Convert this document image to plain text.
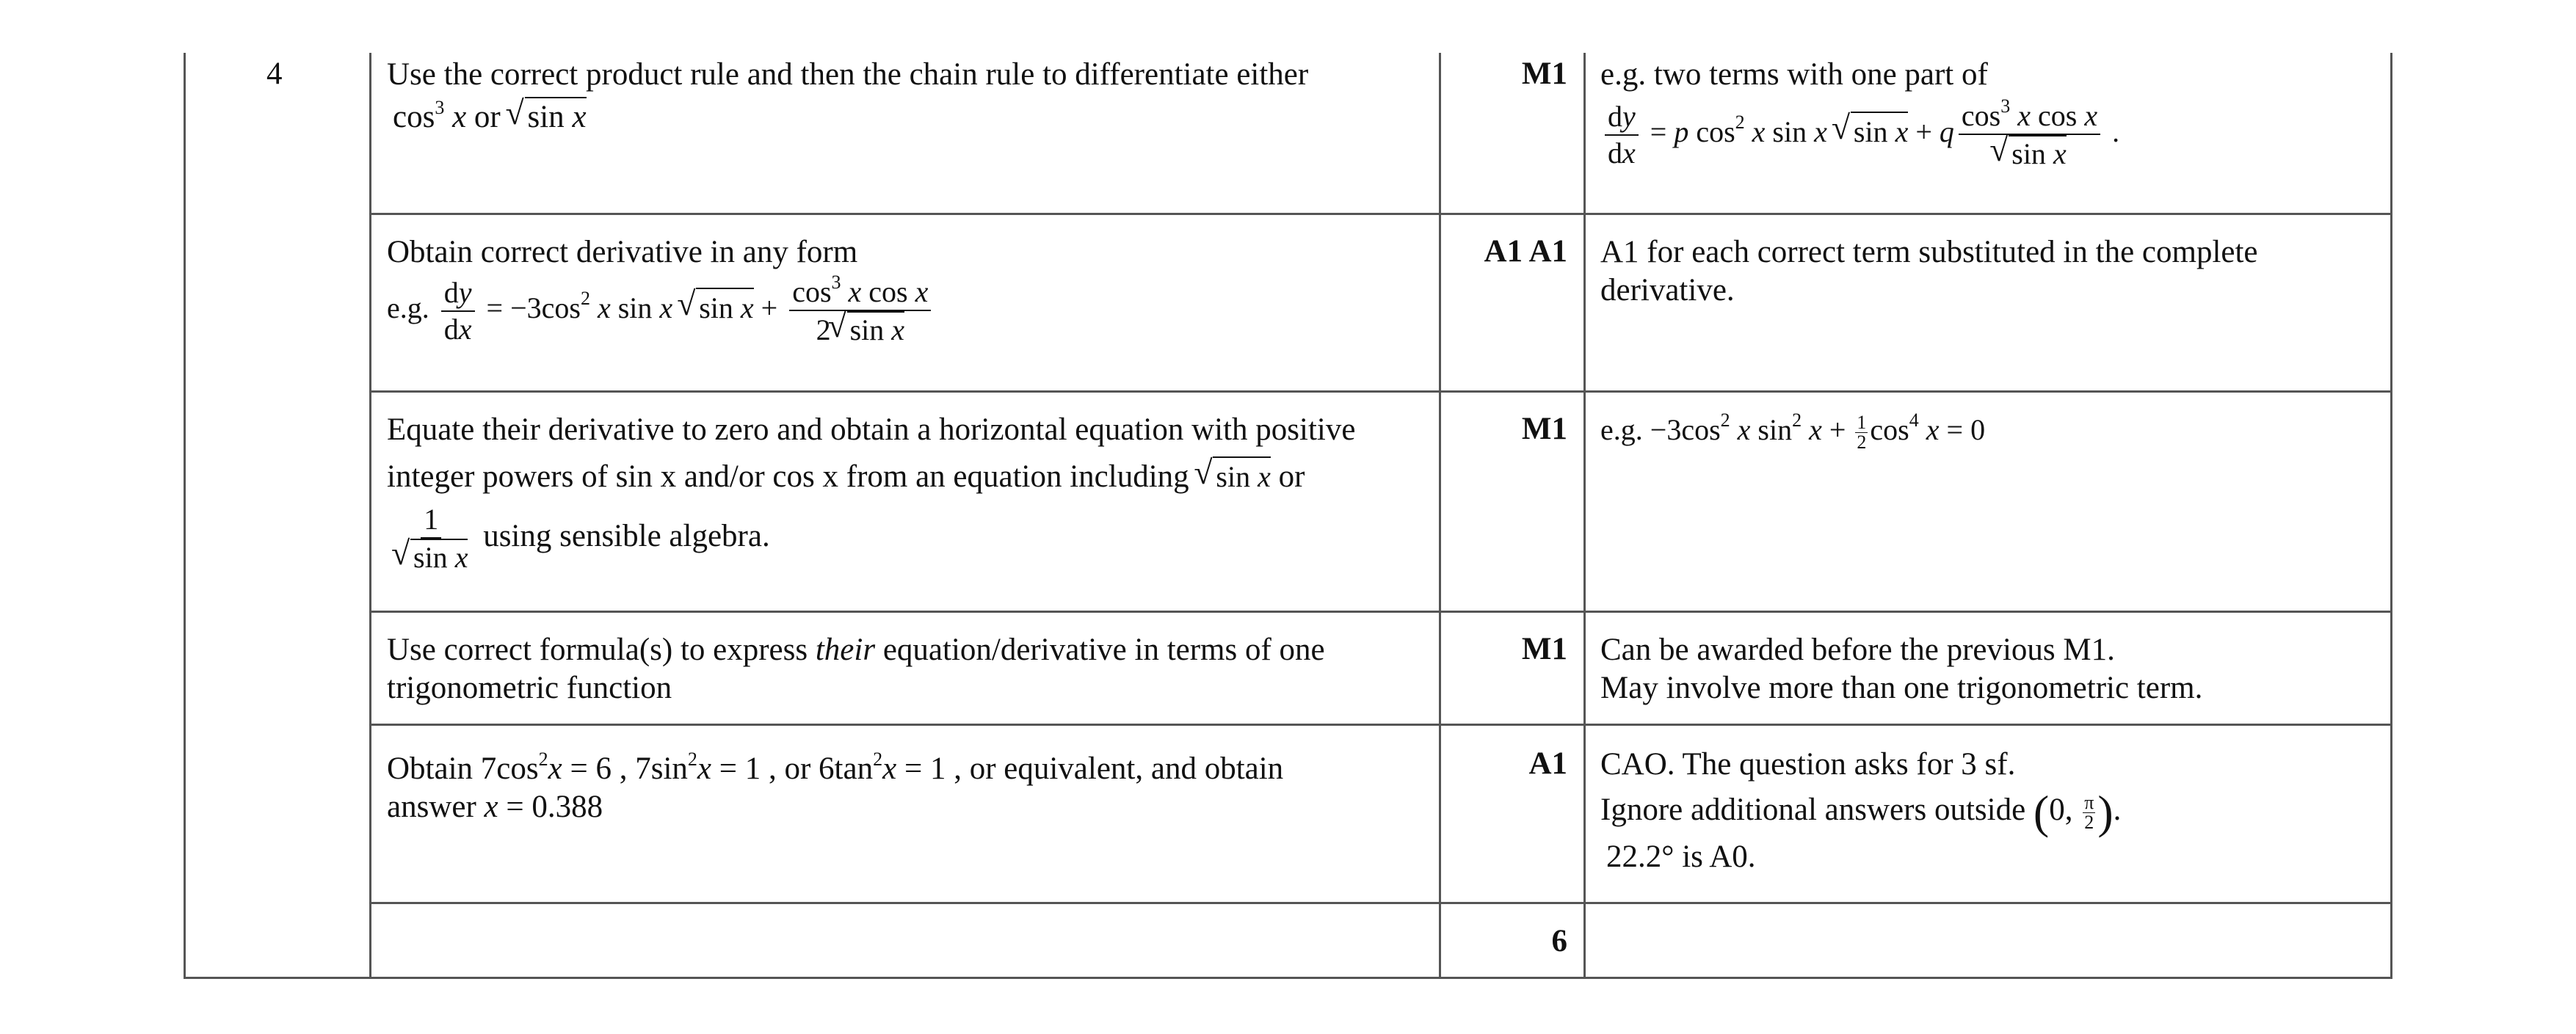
4	Use the correct product rule and then the chain rule to differentiate either
$\cos^3 x$ or √ sin x
M1 e.g. two terms with one part of
$\frac{dy}{dx} = p$ $\cos^2 x$ sin x √ sin x + q $\cos^3 x$ cos x
√ sin x .
Obtain correct derivative in any form
e.g. $\frac{dy}{dx} = -3\cos^2$ x sin x √ $\sin x + \frac{\cos^3 x \cos x}{\text{2 √ sin x}}$
A1 A1 A1 for each correct term substituted in the complete
derivative.
Equate their derivative to zero and obtain a horizontal equation with positive
integer powers of sin x and/or cos x from an equation including √ sin x or
1
√ sin x using sensible algebra.
M1 e.g. $-3\cos^2$ x $\sin^2 x + \frac{1}{2} \cos^4 x = 0$
Use correct formula(s) to express their equation/derivative in terms of one
trigonometric function
M1 Can be awarded before the previous M1.
May involve more than one trigonometric term.
Obtain $7\cos^2x = 6$ , $7\sin^2x = 1$ , or $6\tan^2x = 1$ , or equivalent, and obtain
answer x = 0.388
A1 CAO. The question asks for 3 sf.
Ignore additional answers outside (0, $\frac{\pi}{2}$ ).
22.2° is A0.
6
